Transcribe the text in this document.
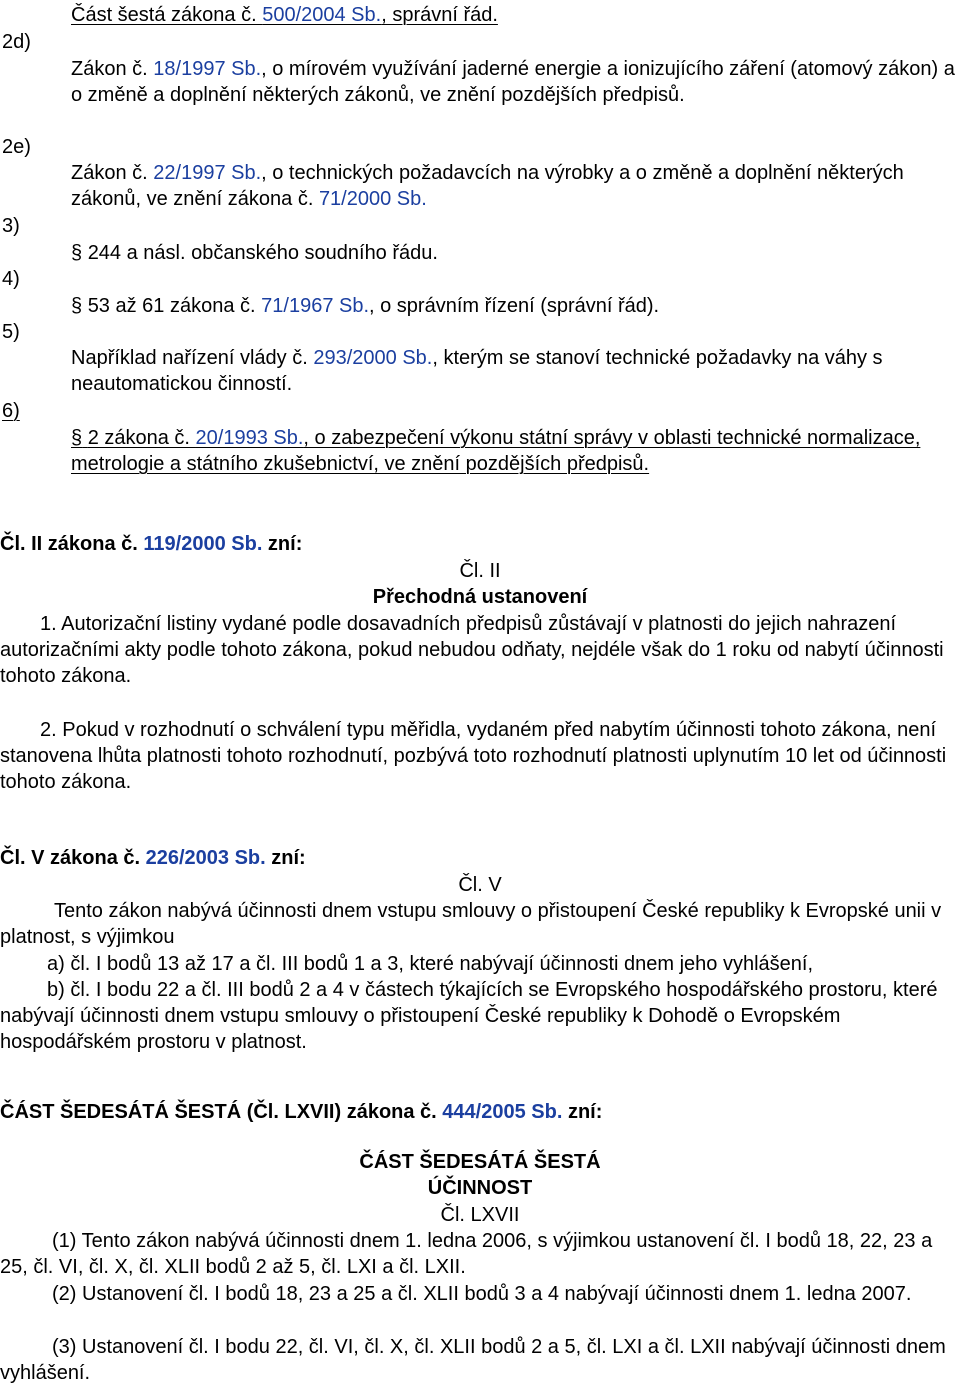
2d)
2e)
3)
4)
5)
6)
Část šestá zákona č. 500/2004 Sb., správní řád.
Zákon č. 18/1997 Sb., o mírovém využívání jaderné energie a ionizujícího záření (atomový zákon) a o změně a doplnění některých zákonů, ve znění pozdějších předpisů.
Zákon č. 22/1997 Sb., o technických požadavcích na výrobky a o změně a doplnění některých zákonů, ve znění zákona č. 71/2000 Sb.
§ 244 a násl. občanského soudního řádu.
§ 53 až 61 zákona č. 71/1967 Sb., o správním řízení (správní řád).
Například nařízení vlády č. 293/2000 Sb., kterým se stanoví technické požadavky na váhy s neautomatickou činností.
§ 2 zákona č. 20/1993 Sb., o zabezpečení výkonu státní správy v oblasti technické normalizace, metrologie a státního zkušebnictví, ve znění pozdějších předpisů.
Čl. II zákona č. 119/2000 Sb. zní:
Čl. II
Přechodná ustanovení
1. Autorizační listiny vydané podle dosavadních předpisů zůstávají v platnosti do jejich nahrazení autorizačními akty podle tohoto zákona, pokud nebudou odňaty, nejdéle však do 1 roku od nabytí účinnosti tohoto zákona.
2. Pokud v rozhodnutí o schválení typu měřidla, vydaném před nabytím účinnosti tohoto zákona, není stanovena lhůta platnosti tohoto rozhodnutí, pozbývá toto rozhodnutí platnosti uplynutím 10 let od účinnosti tohoto zákona.
Čl. V zákona č. 226/2003 Sb. zní:
Čl. V
Tento zákon nabývá účinnosti dnem vstupu smlouvy o přistoupení České republiky k Evropské unii v platnost, s výjimkou
a) čl. I bodů 13 až 17 a čl. III bodů 1 a 3, které nabývají účinnosti dnem jeho vyhlášení,
b) čl. I bodu 22 a čl. III bodů 2 a 4 v částech týkajících se Evropského hospodářského prostoru, které nabývají účinnosti dnem vstupu smlouvy o přistoupení České republiky k Dohodě o Evropském hospodářském prostoru v platnost.
ČÁST ŠEDESÁTÁ ŠESTÁ (Čl. LXVII) zákona č. 444/2005 Sb. zní:
ČÁST ŠEDESÁTÁ ŠESTÁ
ÚČINNOST
Čl. LXVII
(1) Tento zákon nabývá účinnosti dnem 1. ledna 2006, s výjimkou ustanovení čl. I bodů 18, 22, 23 a 25, čl. VI, čl. X, čl. XLII bodů 2 až 5, čl. LXI a čl. LXII.
(2) Ustanovení čl. I bodů 18, 23 a 25 a čl. XLII bodů 3 a 4 nabývají účinnosti dnem 1. ledna 2007.
(3) Ustanovení čl. I bodu 22, čl. VI, čl. X, čl. XLII bodů 2 a 5, čl. LXI a čl. LXII nabývají účinnosti dnem vyhlášení.
